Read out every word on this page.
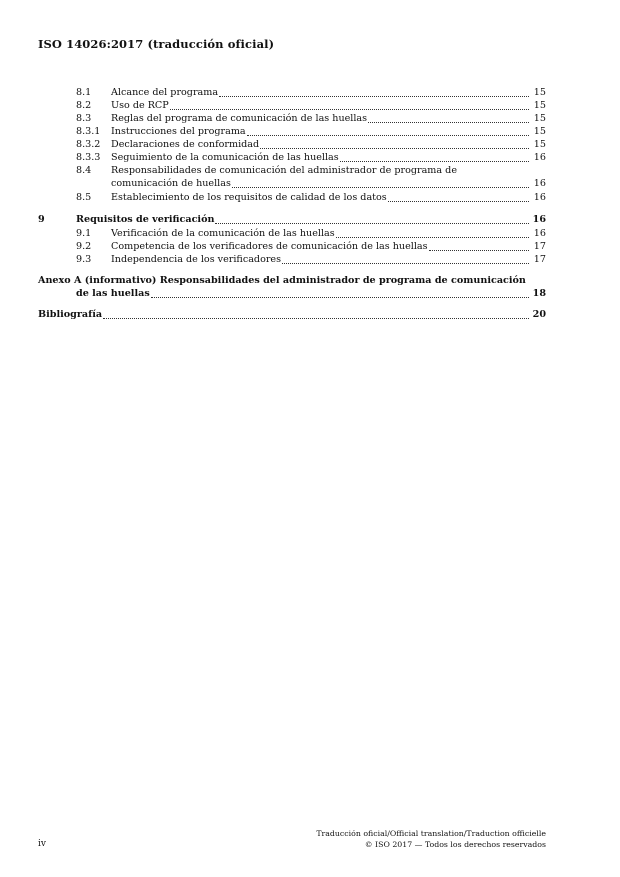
ISO 14026:2017 (traducción oficial)
8.1 Alcance del programa	15
8.2 Uso de RCP	15
8.3 Reglas del programa de comunicación de las huellas	15
8.3.1 Instrucciones del programa	15
8.3.2 Declaraciones de conformidad	15
8.3.3 Seguimiento de la comunicación de las huellas	16
8.4 Responsabilidades de comunicación del administrador de programa de
comunicación de huellas	16
8.5 Establecimiento de los requisitos de calidad de los datos	16
9	Requisitos de verificación	16
9.1 Verificación de la comunicación de las huellas	16
9.2 Competencia de los verificadores de comunicación de las huellas	17
9.3 Independencia de los verificadores	17
Anexo A (informativo) Responsabilidades del administrador de programa de comunicación
de las huellas	18
Bibliografía	20
Traducción oficial/Official translation/Traduction officielle
© ISO 2017 — Todos los derechos reservados
iv
